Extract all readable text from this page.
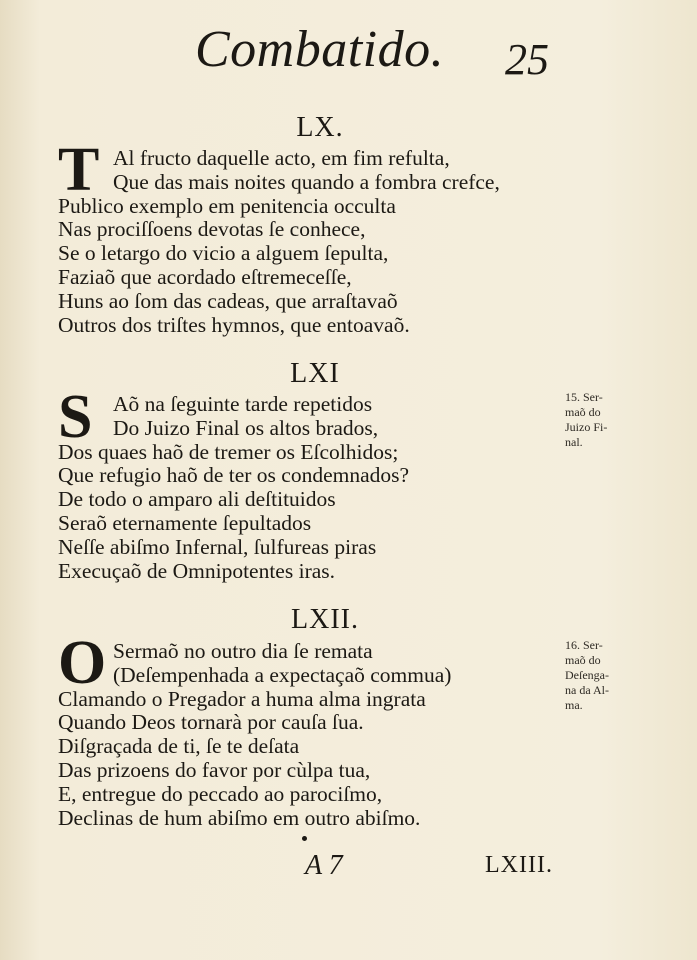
Combatido. 25
LX.
T Al fructo daquelle acto, em fim refulta,
Que das mais noites quando a fombra crefce,
Publico exemplo em penitencia occulta
Nas prociſſoens devotas ſe conhece,
Se o letargo do vicio a alguem ſepulta,
Faziaõ que acordado eſtremeceſſe,
Huns ao ſom das cadeas, que arraſtavaõ
Outros dos triſtes hymnos, que entoavaõ.
LXI
S Aõ na ſeguinte tarde repetidos
Do Juizo Final os altos brados,
Dos quaes haõ de tremer os Eſcolhidos;
Que refugio haõ de ter os condemnados?
De todo o amparo ali deſtituidos
Seraõ eternamente ſepultados
Neſſe abiſmo Infernal, ſulfureas piras
Execuçaõ de Omnipotentes iras.
15. Ser-
maõ do
Juizo Fi-
nal.
LXII.
O Sermaõ no outro dia ſe remata
(Deſempenhada a expectaçaõ commua)
Clamando o Pregador a huma alma ingrata
Quando Deos tornarà por cauſa ſua.
Diſgraçada de ti, ſe te deſata
Das prizoens do favor por cùlpa tua,
E, entregue do peccado ao parociſmo,
Declinas de hum abiſmo em outro abiſmo.
16. Ser-
maõ do
Deſenga-
na da Al-
ma.
A 7	LXIII.
